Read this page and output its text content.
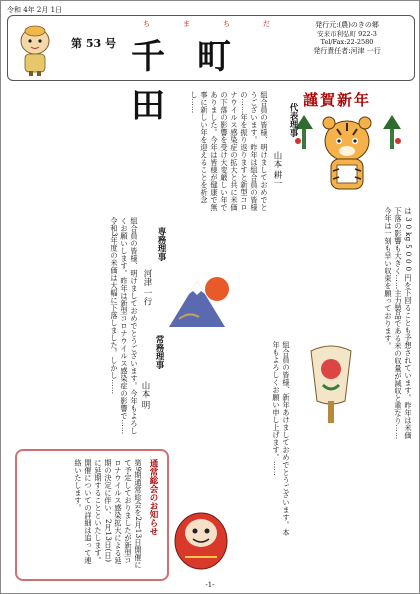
令和 4年 2月 1日
第 53 号
ち	ま	ち	だ
千 町 田
発行元:(農)のきの郷
安来市利弘町 922-3
Tel/Fax:22-2580
発行責任者:河津 一行
謹賀新年
は 3 0 kg 5 0 0 0 円を下回ることも予想されています。昨年は米価下落の影響も大きく……主力製品である米の収量が減収と重なり……今年は一刻も早い収束を願っております。
代表理事
山本 耕一
組合員の皆様、明けましておめでとうございます。昨年は組合員の皆様の……年を振り返りますと新型コロナウイルス感染症の拡大と共に米価の下落の影響を受け大変厳しい年でありました。今年は皆様が健康で無事に新しい年を迎えることを祈念し……
専務理事
河津 一行
組合員の皆様、明けましておめでとうございます。今年もよろしくお願いします。昨年は新型コロナウイルス感染症の影響で……令和3年度の米価は大幅に下落しました。しかし……	常務理事
山本 明	組合員の皆様、新年あけましておめでとうございます。本年もよろしくお願い申し上げます。……
通常総会のお知らせ
第9期通常総会を2月13日開催にて予定しておりましたが新型コロナウイルス感染拡大による延期の決定に伴い、2月13日(日)に延期することといたします。開催についての詳細は追って連絡いたします。
-1-
